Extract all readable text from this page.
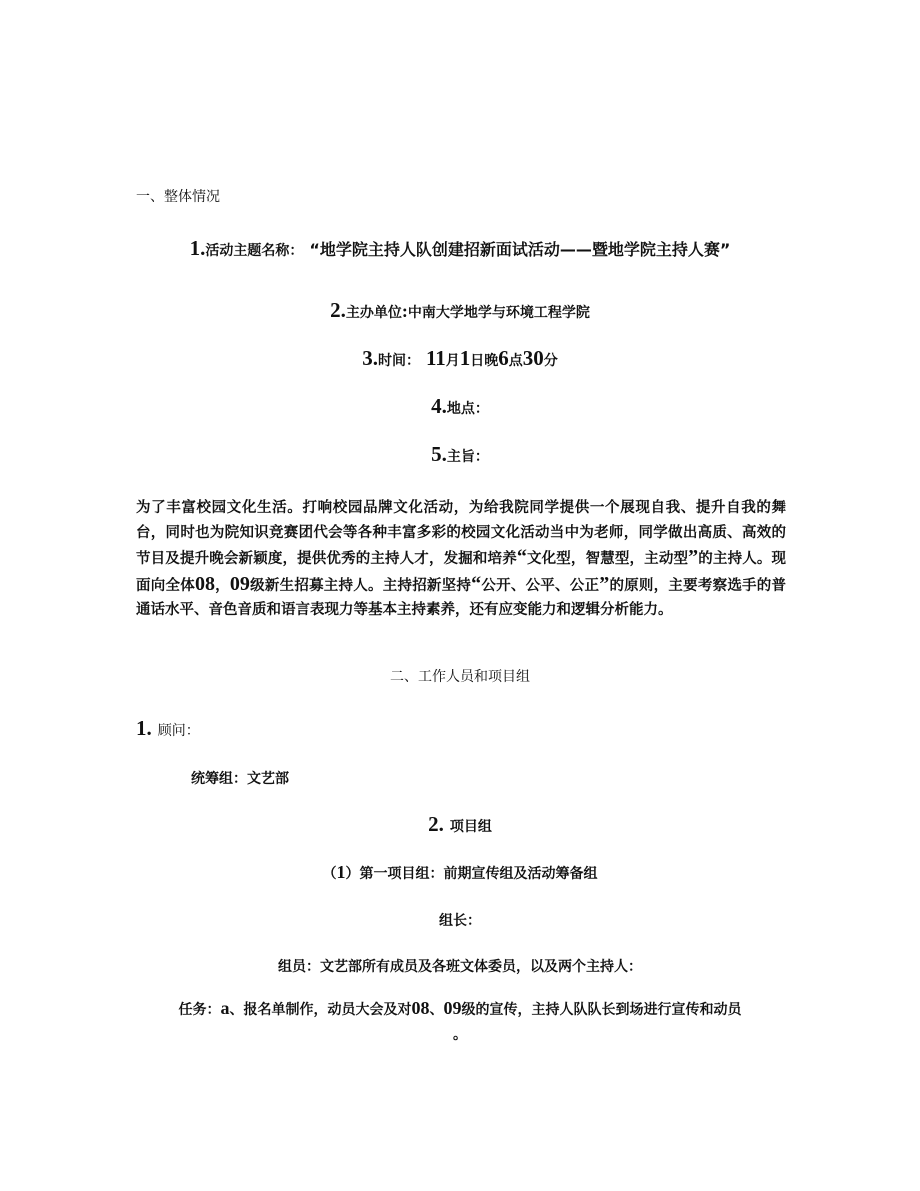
一、整体情况
1.活动主题名称： “地学院主持人队创建招新面试活动——暨地学院主持人赛”
2.主办单位:中南大学地学与环境工程学院
3.时间： 11月1日晚6点30分
4.地点：
5.主旨：
为了丰富校园文化生活。打响校园品牌文化活动，为给我院同学提供一个展现自我、提升自我的舞台，同时也为院知识竞赛团代会等各种丰富多彩的校园文化活动当中为老师，同学做出高质、高效的节目及提升晚会新颖度，提供优秀的主持人才，发掘和培养“文化型，智慧型，主动型”的主持人。现面向全体08，09级新生招募主持人。主持招新坚持“公开、公平、公正”的原则，主要考察选手的普通话水平、音色音质和语言表现力等基本主持素养，还有应变能力和逻辑分析能力。
二、工作人员和项目组
1. 顾问：
统筹组：文艺部
2. 项目组
（1）第一项目组：前期宣传组及活动筹备组
组长：
组员：文艺部所有成员及各班文体委员，以及两个主持人：
任务：a、报名单制作，动员大会及对08、09级的宣传，主持人队队长到场进行宣传和动员
。
